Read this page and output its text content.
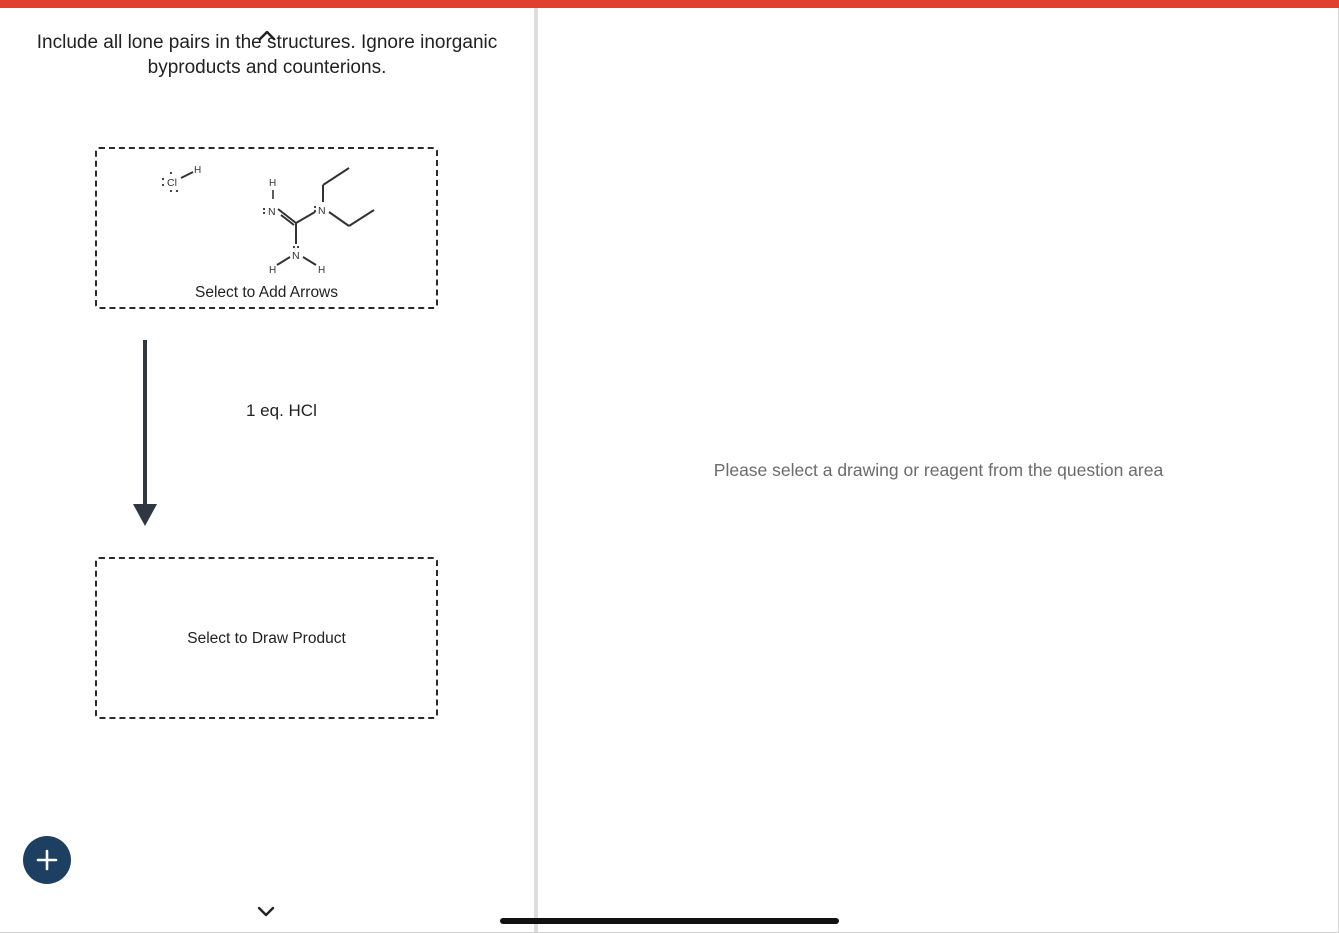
Please select a drawing or reagent from the question area
Include all lone pairs in the structures. Ignore inorganic byproducts and counterions.
Cl
H
H
N	N
N
H	H
Select to Add Arrows
1 eq. HCl
Select to Draw Product
